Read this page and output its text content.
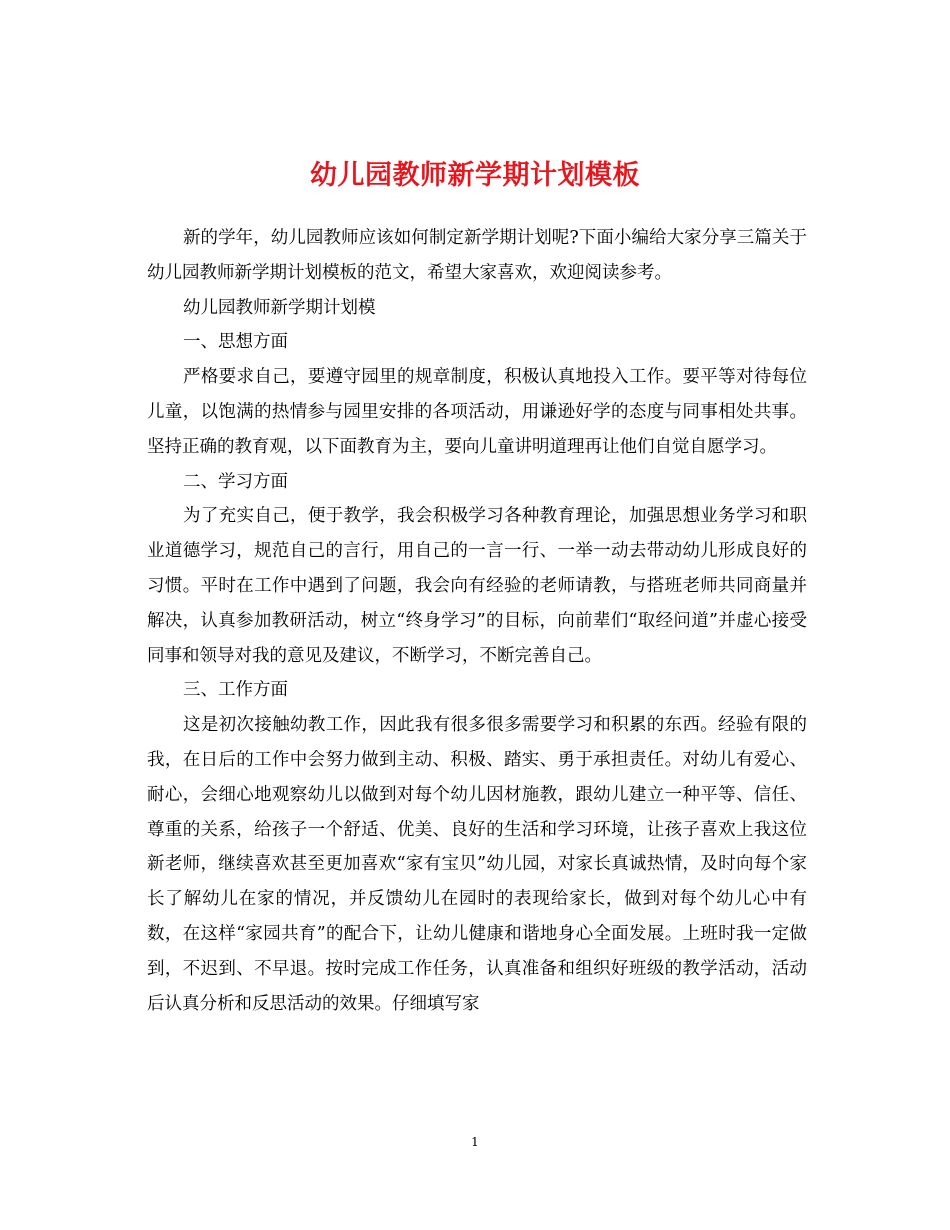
幼儿园教师新学期计划模板

新的学年，幼儿园教师应该如何制定新学期计划呢?下面小编给大家分享三篇关于幼儿园教师新学期计划模板的范文，希望大家喜欢，欢迎阅读参考。

幼儿园教师新学期计划模

一、思想方面

严格要求自己，要遵守园里的规章制度，积极认真地投入工作。要平等对待每位儿童，以饱满的热情参与园里安排的各项活动，用谦逊好学的态度与同事相处共事。坚持正确的教育观，以下面教育为主，要向儿童讲明道理再让他们自觉自愿学习。

二、学习方面

为了充实自己，便于教学，我会积极学习各种教育理论，加强思想业务学习和职业道德学习，规范自己的言行，用自己的一言一行、一举一动去带动幼儿形成良好的习惯。平时在工作中遇到了问题，我会向有经验的老师请教，与搭班老师共同商量并解决，认真参加教研活动，树立“终身学习”的目标，向前辈们“取经问道”并虚心接受同事和领导对我的意见及建议，不断学习，不断完善自己。

三、工作方面

这是初次接触幼教工作，因此我有很多很多需要学习和积累的东西。经验有限的我，在日后的工作中会努力做到主动、积极、踏实、勇于承担责任。对幼儿有爱心、耐心，会细心地观察幼儿以做到对每个幼儿因材施教，跟幼儿建立一种平等、信任、尊重的关系，给孩子一个舒适、优美、良好的生活和学习环境，让孩子喜欢上我这位新老师，继续喜欢甚至更加喜欢“家有宝贝”幼儿园，对家长真诚热情，及时向每个家长了解幼儿在家的情况，并反馈幼儿在园时的表现给家长，做到对每个幼儿心中有数，在这样“家园共育”的配合下，让幼儿健康和谐地身心全面发展。上班时我一定做到，不迟到、不早退。按时完成工作任务，认真准备和组织好班级的教学活动，活动后认真分析和反思活动的效果。仔细填写家

1
